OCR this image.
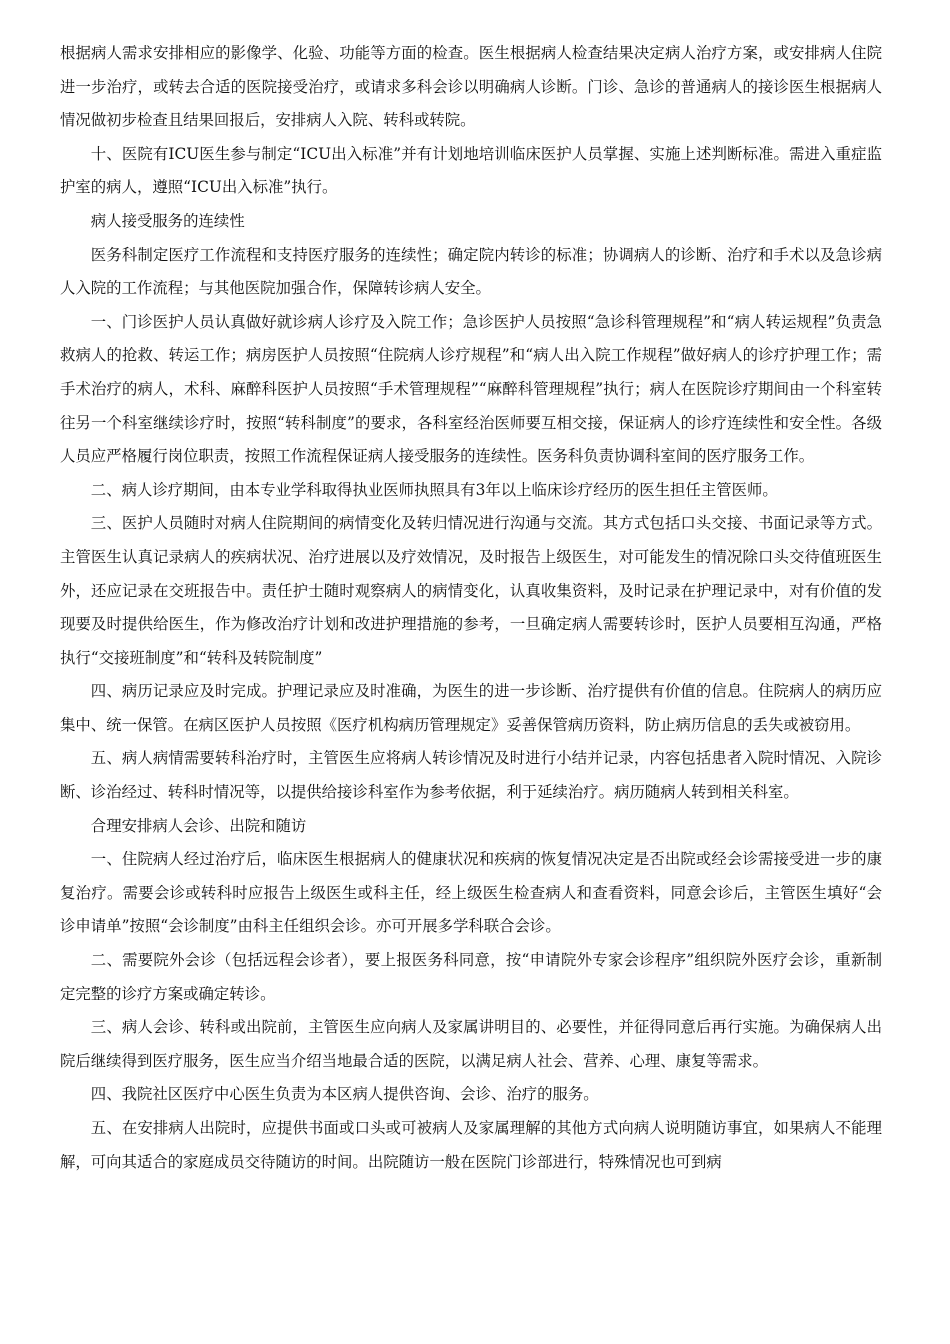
根据病人需求安排相应的影像学、化验、功能等方面的检查。医生根据病人检查结果决定病人治疗方案，或安排病人住院进一步治疗，或转去合适的医院接受治疗，或请求多科会诊以明确病人诊断。门诊、急诊的普通病人的接诊医生根据病人情况做初步检查且结果回报后，安排病人入院、转科或转院。

十、医院有ICU医生参与制定“ICU出入标准”并有计划地培训临床医护人员掌握、实施上述判断标准。需进入重症监护室的病人，遵照“ICU出入标准”执行。

病人接受服务的连续性

医务科制定医疗工作流程和支持医疗服务的连续性；确定院内转诊的标准；协调病人的诊断、治疗和手术以及急诊病人入院的工作流程；与其他医院加强合作，保障转诊病人安全。

一、门诊医护人员认真做好就诊病人诊疗及入院工作；急诊医护人员按照“急诊科管理规程”和“病人转运规程”负责急救病人的抢救、转运工作；病房医护人员按照“住院病人诊疗规程”和“病人出入院工作规程”做好病人的诊疗护理工作；需手术治疗的病人，术科、麻醉科医护人员按照“手术管理规程”“麻醉科管理规程”执行；病人在医院诊疗期间由一个科室转往另一个科室继续诊疗时，按照“转科制度”的要求，各科室经治医师要互相交接，保证病人的诊疗连续性和安全性。各级人员应严格履行岗位职责，按照工作流程保证病人接受服务的连续性。医务科负责协调科室间的医疗服务工作。

二、病人诊疗期间，由本专业学科取得执业医师执照具有3年以上临床诊疗经历的医生担任主管医师。

三、医护人员随时对病人住院期间的病情变化及转归情况进行沟通与交流。其方式包括口头交接、书面记录等方式。主管医生认真记录病人的疾病状况、治疗进展以及疗效情况，及时报告上级医生，对可能发生的情况除口头交待值班医生外，还应记录在交班报告中。责任护士随时观察病人的病情变化，认真收集资料，及时记录在护理记录中，对有价值的发现要及时提供给医生，作为修改治疗计划和改进护理措施的参考，一旦确定病人需要转诊时，医护人员要相互沟通，严格执行“交接班制度”和“转科及转院制度”

四、病历记录应及时完成。护理记录应及时准确，为医生的进一步诊断、治疗提供有价值的信息。住院病人的病历应集中、统一保管。在病区医护人员按照《医疗机构病历管理规定》妥善保管病历资料，防止病历信息的丢失或被窃用。

五、病人病情需要转科治疗时，主管医生应将病人转诊情况及时进行小结并记录，内容包括患者入院时情况、入院诊断、诊治经过、转科时情况等，以提供给接诊科室作为参考依据，利于延续治疗。病历随病人转到相关科室。

合理安排病人会诊、出院和随访

一、住院病人经过治疗后，临床医生根据病人的健康状况和疾病的恢复情况决定是否出院或经会诊需接受进一步的康复治疗。需要会诊或转科时应报告上级医生或科主任，经上级医生检查病人和查看资料，同意会诊后，主管医生填好“会诊申请单”按照“会诊制度”由科主任组织会诊。亦可开展多学科联合会诊。

二、需要院外会诊（包括远程会诊者），要上报医务科同意，按“申请院外专家会诊程序”组织院外医疗会诊，重新制定完整的诊疗方案或确定转诊。

三、病人会诊、转科或出院前，主管医生应向病人及家属讲明目的、必要性，并征得同意后再行实施。为确保病人出院后继续得到医疗服务，医生应当介绍当地最合适的医院，以满足病人社会、营养、心理、康复等需求。

四、我院社区医疗中心医生负责为本区病人提供咨询、会诊、治疗的服务。

五、在安排病人出院时，应提供书面或口头或可被病人及家属理解的其他方式向病人说明随访事宜，如果病人不能理解，可向其适合的家庭成员交待随访的时间。出院随访一般在医院门诊部进行，特殊情况也可到病
